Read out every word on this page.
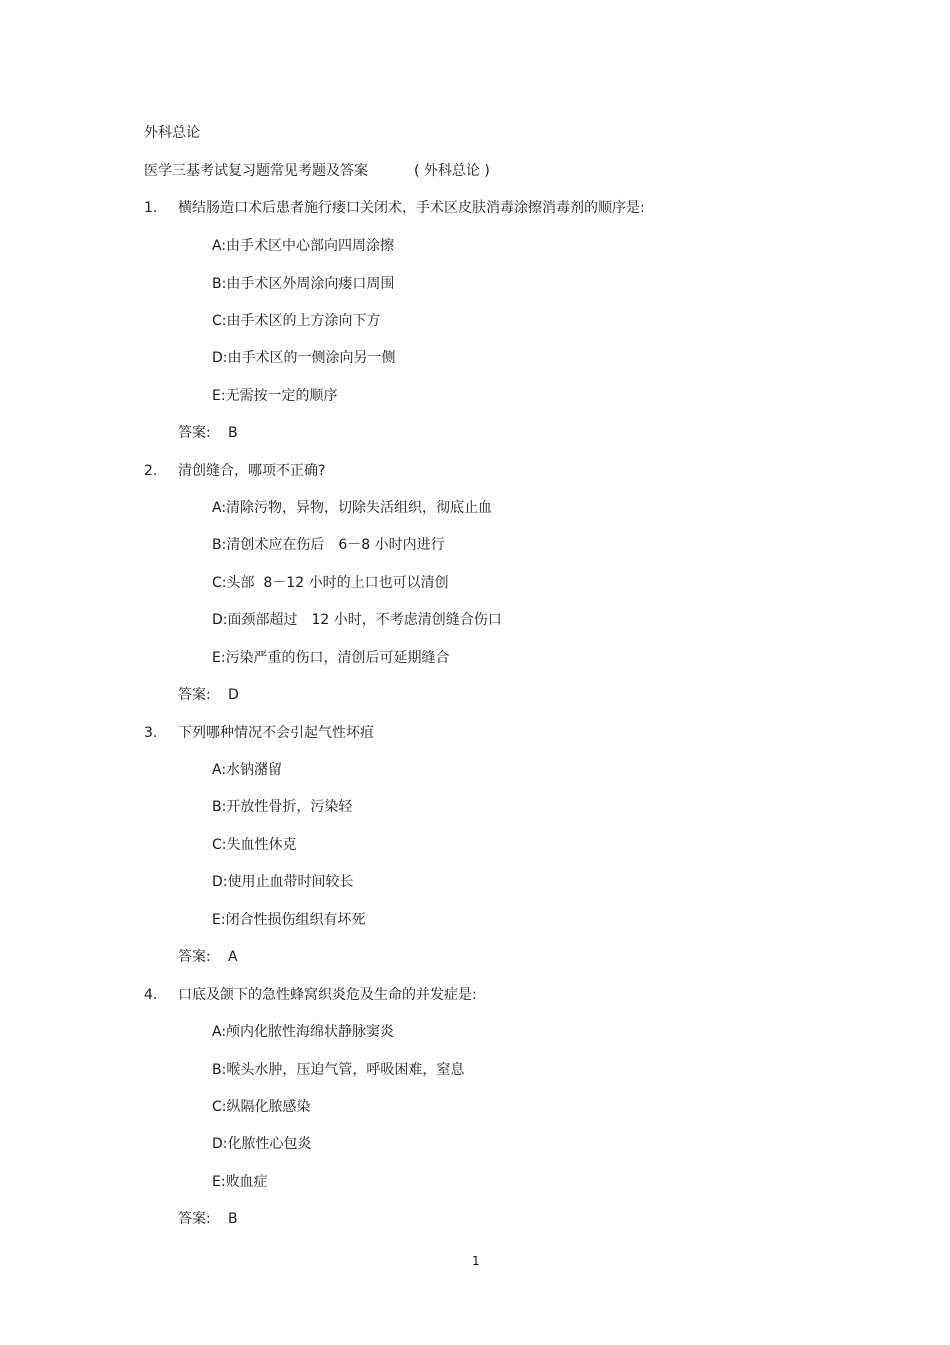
外科总论
医学三基考试复习题常见考题及答案	( 外科总论 )
1. 横结肠造口术后患者施行瘘口关闭术，手术区皮肤消毒涂擦消毒剂的顺序是:
A:由手术区中心部向四周涂擦
B:由手术区外周涂向瘘口周围
C:由手术区的上方涂向下方
D:由手术区的一侧涂向另一侧
E:无需按一定的顺序
答案: B
2. 清创缝合，哪项不正确?
A:清除污物，异物，切除失活组织，彻底止血
B:清创术应在伤后　6－8 小时内进行
C:头部  8－12 小时的上口也可以清创
D:面颈部超过　12 小时，不考虑清创缝合伤口
E:污染严重的伤口，清创后可延期缝合
答案: D
3. 下列哪种情况不会引起气性坏疽
A:水钠潴留
B:开放性骨折，污染轻
C:失血性休克
D:使用止血带时间较长
E:闭合性损伤组织有坏死
答案: A
4. 口底及颌下的急性蜂窝织炎危及生命的并发症是:
A:颅内化脓性海绵状静脉窦炎
B:喉头水肿，压迫气管，呼吸困难，窒息
C:纵隔化脓感染
D:化脓性心包炎
E:败血症
答案: B
1
